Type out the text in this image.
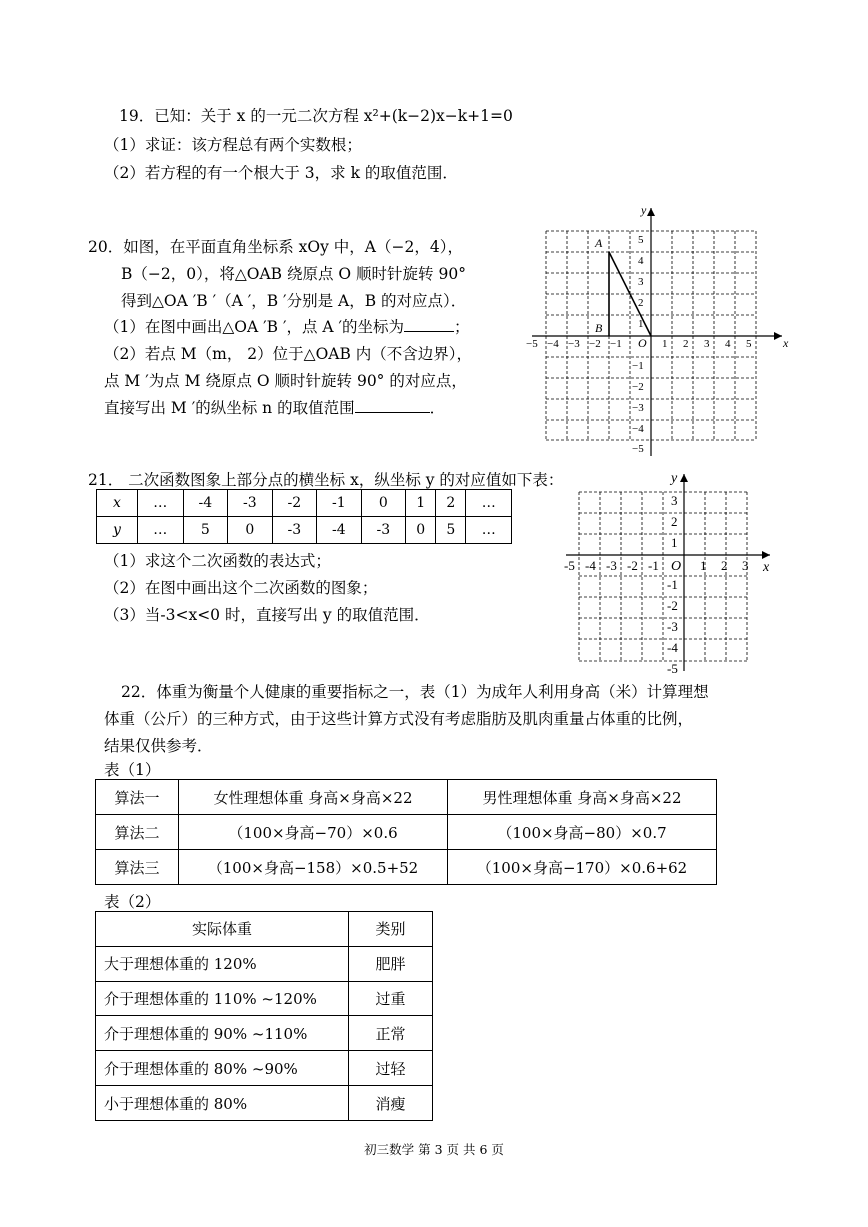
19．已知：关于 x 的一元二次方程 x²+(k−2)x−k+1=0
（1）求证：该方程总有两个实数根；
（2）若方程的有一个根大于 3，求 k 的取值范围．
20．如图，在平面直角坐标系 xOy 中，A（−2，4），
B（−2，0），将△OAB 绕原点 O 顺时针旋转 90°
得到△OA ′B ′（A ′，B ′分别是 A，B 的对应点）．
（1）在图中画出△OA ′B ′，点 A ′的坐标为	；
（2）若点 M（m， 2）位于△OAB 内（不含边界），
点 M ′为点 M 绕原点 O 顺时针旋转 90° 的对应点，
直接写出 M ′的纵坐标 n 的取值范围	．
−5 −4 −3 −2 −1	1 2 3 4 5
5
4
3
2
1
−1
−2
−3
−4
−5
O	x
y
A
B
21． 二次函数图象上部分点的横坐标 x，纵坐标 y 的对应值如下表：
x	…	-4	-3	-2	-1	0	1	2	…
y	…	5	0	-3	-4	-3	0	5	…
（1）求这个二次函数的表达式；
（2）在图中画出这个二次函数的图象；
（3）当-3<x<0 时，直接写出 y 的取值范围．
-5 -4 -3 -2 -1	1 2 3
3
2
1
-1
-2
-3
-4
-5
O	x
y
22．体重为衡量个人健康的重要指标之一，表（1）为成年人利用身高（米）计算理想
体重（公斤）的三种方式，由于这些计算方式没有考虑脂肪及肌肉重量占体重的比例，
结果仅供参考．
表（1）
算法一	女性理想体重 身高×身高×22	男性理想体重 身高×身高×22
算法二	（100×身高−70）×0.6	（100×身高−80）×0.7
算法三	（100×身高−158）×0.5+52	（100×身高−170）×0.6+62
表（2）
实际体重	类别
大于理想体重的 120%	肥胖
介于理想体重的 110% ~120%	过重
介于理想体重的 90% ~110%	正常
介于理想体重的 80% ~90%	过轻
小于理想体重的 80%	消瘦
初三数学 第 3 页 共 6 页
